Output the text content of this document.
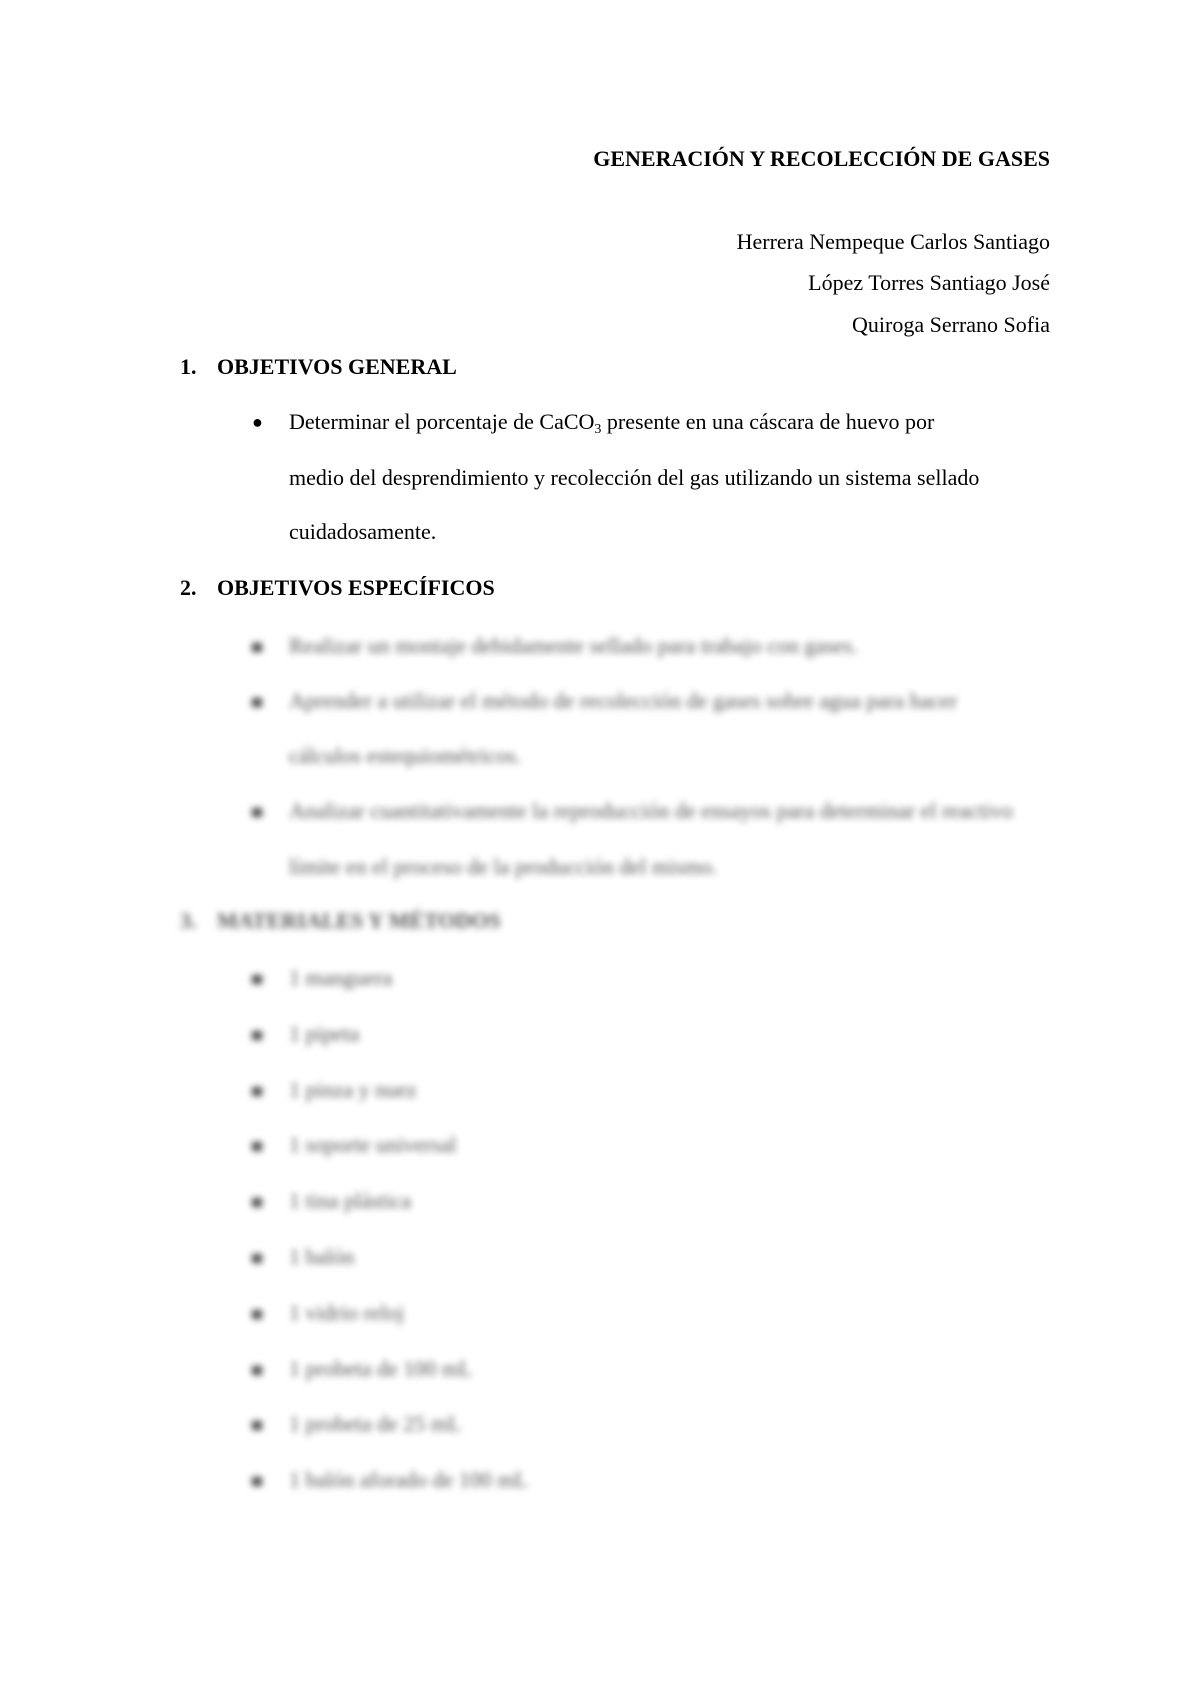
GENERACIÓN Y RECOLECCIÓN DE GASES
Herrera Nempeque Carlos Santiago
López Torres Santiago José
Quiroga Serrano Sofia
1. OBJETIVOS GENERAL
● Determinar el porcentaje de CaCO$_3$ presente en una cáscara de huevo por
medio del desprendimiento y recolección del gas utilizando un sistema sellado
cuidadosamente.
2. OBJETIVOS ESPECÍFICOS
Realizar un montaje debidamente sellado para trabajo con gases.
Aprender a utilizar el método de recolección de gases sobre agua para hacer
cálculos estequiométricos.
Analizar cuantitativamente la reproducción de ensayos para determinar el reactivo
límite en el proceso de la producción del mismo.
3. MATERIALES Y MÉTODOS
1 manguera
1 pipeta
1 pinza y nuez
1 soporte universal
1 tina plástica
1 balón
1 vidrio reloj
1 probeta de 100 mL
1 probeta de 25 mL
1 balón aforado de 100 mL
